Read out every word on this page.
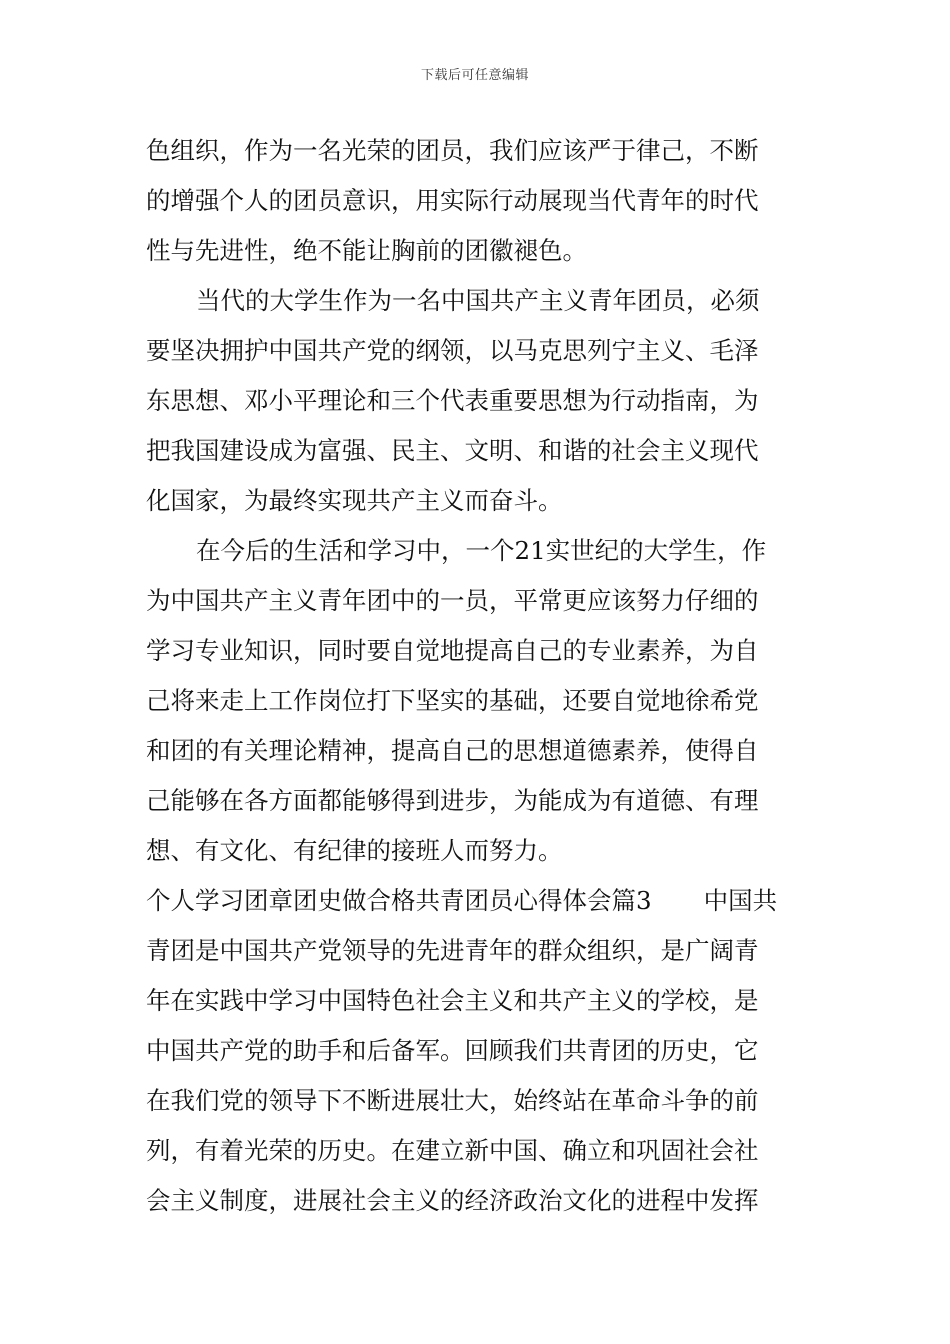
下载后可任意编辑
色组织，作为一名光荣的团员，我们应该严于律己，不断
的增强个人的团员意识，用实际行动展现当代青年的时代
性与先进性，绝不能让胸前的团徽褪色。
当代的大学生作为一名中国共产主义青年团员，必须
要坚决拥护中国共产党的纲领，以马克思列宁主义、毛泽
东思想、邓小平理论和三个代表重要思想为行动指南，为
把我国建设成为富强、民主、文明、和谐的社会主义现代
化国家，为最终实现共产主义而奋斗。
在今后的生活和学习中，一个21实世纪的大学生，作
为中国共产主义青年团中的一员，平常更应该努力仔细的
学习专业知识，同时要自觉地提高自己的专业素养，为自
己将来走上工作岗位打下坚实的基础，还要自觉地徐希党
和团的有关理论精神，提高自己的思想道德素养，使得自
己能够在各方面都能够得到进步，为能成为有道德、有理
想、有文化、有纪律的接班人而努力。
个人学习团章团史做合格共青团员心得体会篇3 中国共
青团是中国共产党领导的先进青年的群众组织，是广阔青
年在实践中学习中国特色社会主义和共产主义的学校，是
中国共产党的助手和后备军。回顾我们共青团的历史，它
在我们党的领导下不断进展壮大，始终站在革命斗争的前
列，有着光荣的历史。在建立新中国、确立和巩固社会社
会主义制度，进展社会主义的经济政治文化的进程中发挥
